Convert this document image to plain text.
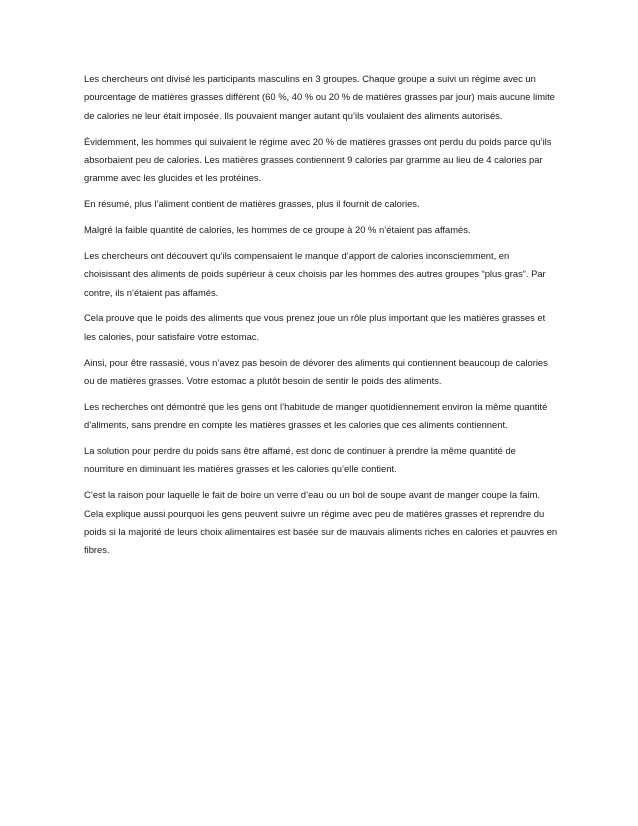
Les chercheurs ont divisé les participants masculins en 3 groupes. Chaque groupe a suivi un régime avec un pourcentage de matières grasses différent (60 %, 40 % ou 20 % de matières grasses par jour) mais aucune limite de calories ne leur était imposée. Ils pouvaient manger autant qu’ils voulaient des aliments autorisés.

Évidemment, les hommes qui suivaient le régime avec 20 % de matières grasses ont perdu du poids parce qu’ils absorbaient peu de calories. Les matières grasses contiennent 9 calories par gramme au lieu de 4 calories par gramme avec les glucides et les protéines.

En résumé, plus l’aliment contient de matières grasses, plus il fournit de calories.

Malgré la faible quantité de calories, les hommes de ce groupe à 20 % n’étaient pas affamés.

Les chercheurs ont découvert qu’ils compensaient le manque d’apport de calories inconsciemment, en choisissant des aliments de poids supérieur à ceux choisis par les hommes des autres groupes “plus gras”. Par contre, ils n’étaient pas affamés.

Cela prouve que le poids des aliments que vous prenez joue un rôle plus important que les matières grasses et les calories, pour satisfaire votre estomac.

Ainsi, pour être rassasié, vous n’avez pas besoin de dévorer des aliments qui contiennent beaucoup de calories ou de matières grasses. Votre estomac a plutôt besoin de sentir le poids des aliments.

Les recherches ont démontré que les gens ont l’habitude de manger quotidiennement environ la même quantité d’aliments, sans prendre en compte les matières grasses et les calories que ces aliments contiennent.

La solution pour perdre du poids sans être affamé, est donc de continuer à prendre la même quantité de nourriture en diminuant les matières grasses et les calories qu’elle contient.

C’est la raison pour laquelle le fait de boire un verre d’eau ou un bol de soupe avant de manger coupe la faim. Cela explique aussi pourquoi les gens peuvent suivre un régime avec peu de matières grasses et reprendre du poids si la majorité de leurs choix alimentaires est basée sur de mauvais aliments riches en calories et pauvres en fibres.
